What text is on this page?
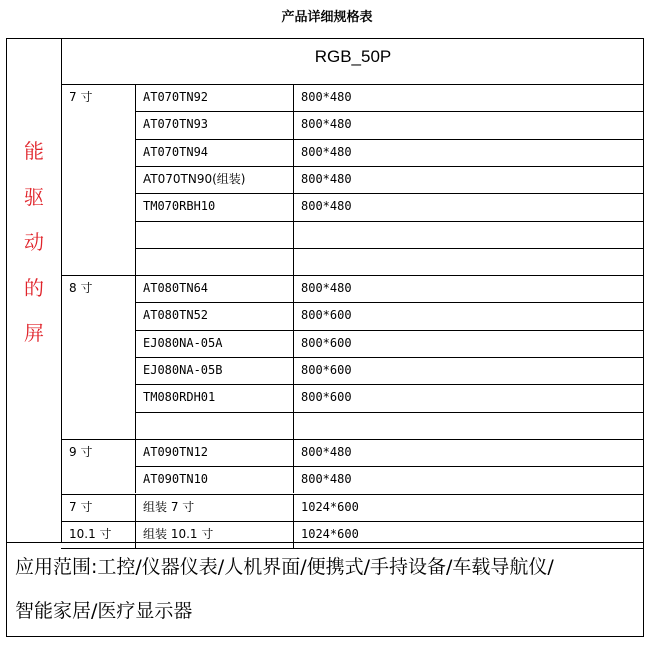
产品详细规格表
RGB_50P
能
驱
动
的
屏
应用范围:工控/仪器仪表/人机界面/便携式/手持设备/车载导航仪/
智能家居/医疗显示器
7 寸	AT070TN92	800*480
AT070TN93	800*480
AT070TN94	800*480
AT070TN90(组装)	800*480
TM070RBH10	800*480
8 寸	AT080TN64	800*480
AT080TN52	800*600
EJ080NA-05A	800*600
EJ080NA-05B	800*600
TM080RDH01	800*600
9 寸	AT090TN12	800*480
AT090TN10	800*480
7 寸	组装 7 寸	1024*600
10.1 寸	组装 10.1 寸	1024*600
